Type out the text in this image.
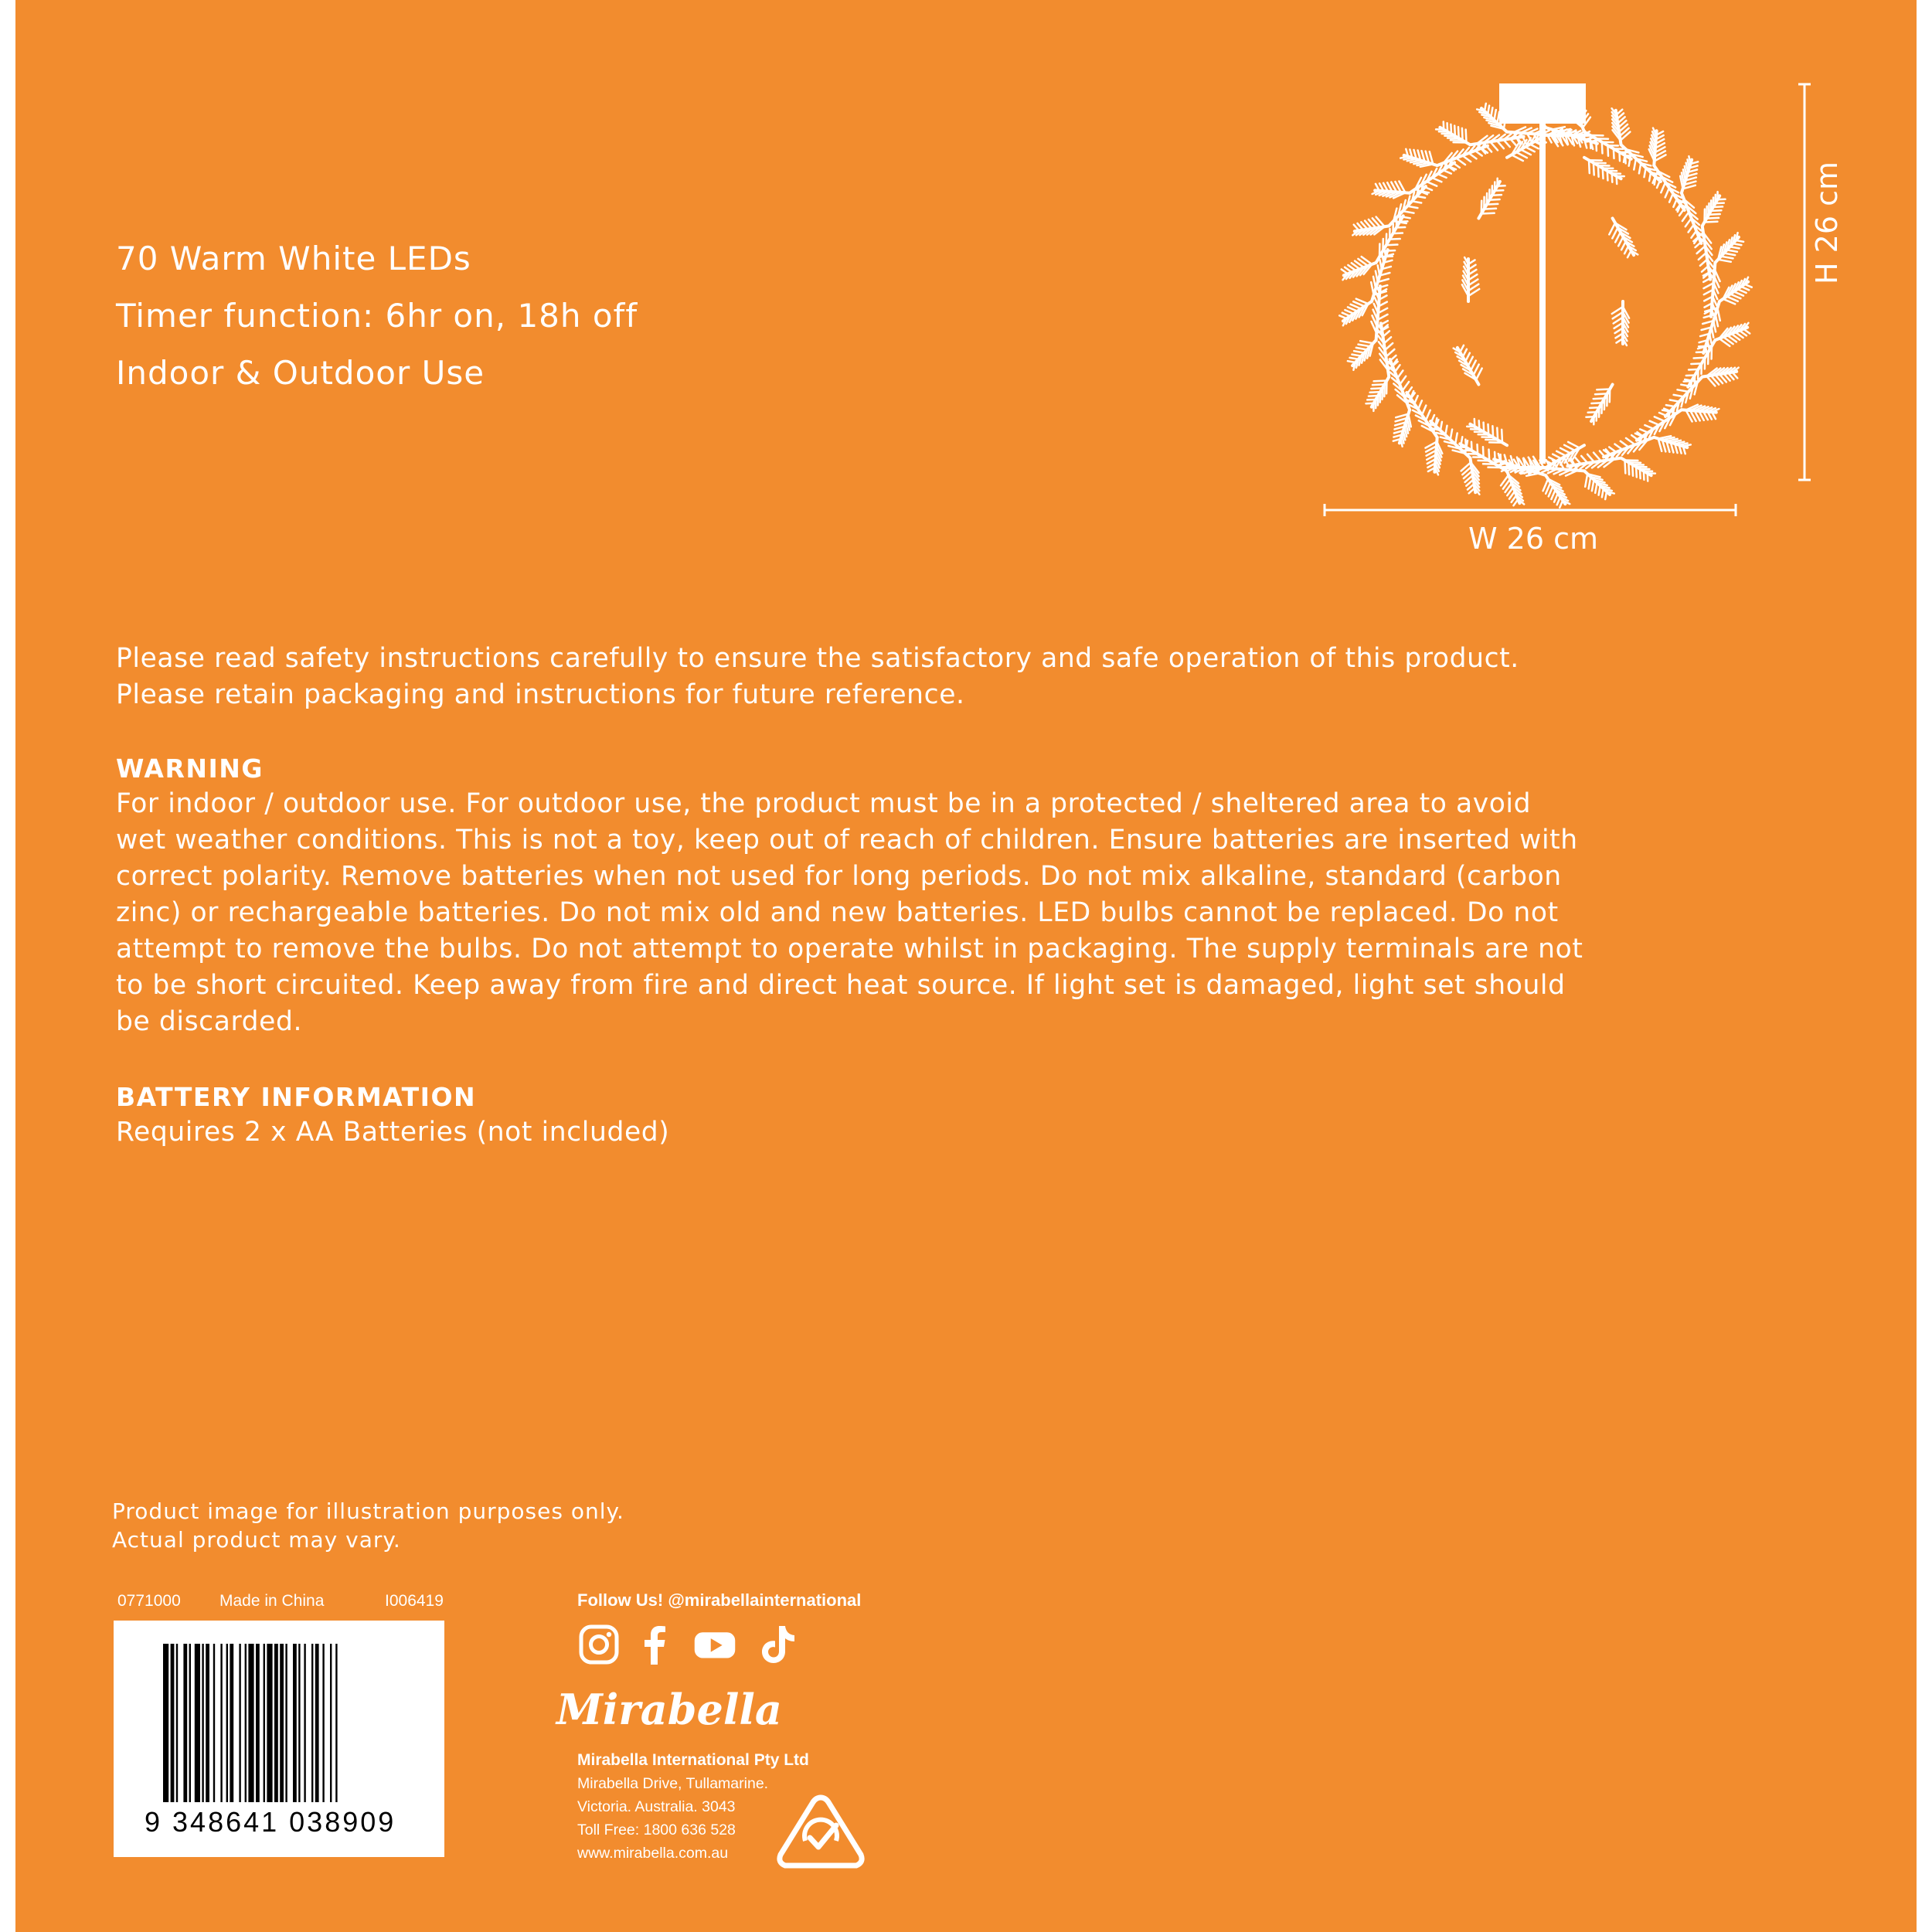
70 Warm White LEDs
Timer function: 6hr on, 18h off
Indoor & Outdoor Use
H 26 cm
W 26 cm
Please read safety instructions carefully to ensure the satisfactory and safe operation of this product.
Please retain packaging and instructions for future reference.
WARNING
For indoor / outdoor use. For outdoor use, the product must be in a protected / sheltered area to avoid
wet weather conditions. This is not a toy, keep out of reach of children. Ensure batteries are inserted with
correct polarity. Remove batteries when not used for long periods. Do not mix alkaline, standard (carbon
zinc) or rechargeable batteries. Do not mix old and new batteries. LED bulbs cannot be replaced. Do not
attempt to remove the bulbs. Do not attempt to operate whilst in packaging. The supply terminals are not
to be short circuited. Keep away from fire and direct heat source. If light set is damaged, light set should
be discarded.
BATTERY INFORMATION
Requires 2 x AA Batteries (not included)
Product image for illustration purposes only.
Actual product may vary.
0771000 Made in China	I006419
9 348641 038909
Follow Us! @mirabellainternational
Mirabella
Mirabella International Pty Ltd
Mirabella Drive, Tullamarine.
Victoria. Australia. 3043
Toll Free: 1800 636 528
www.mirabella.com.au
